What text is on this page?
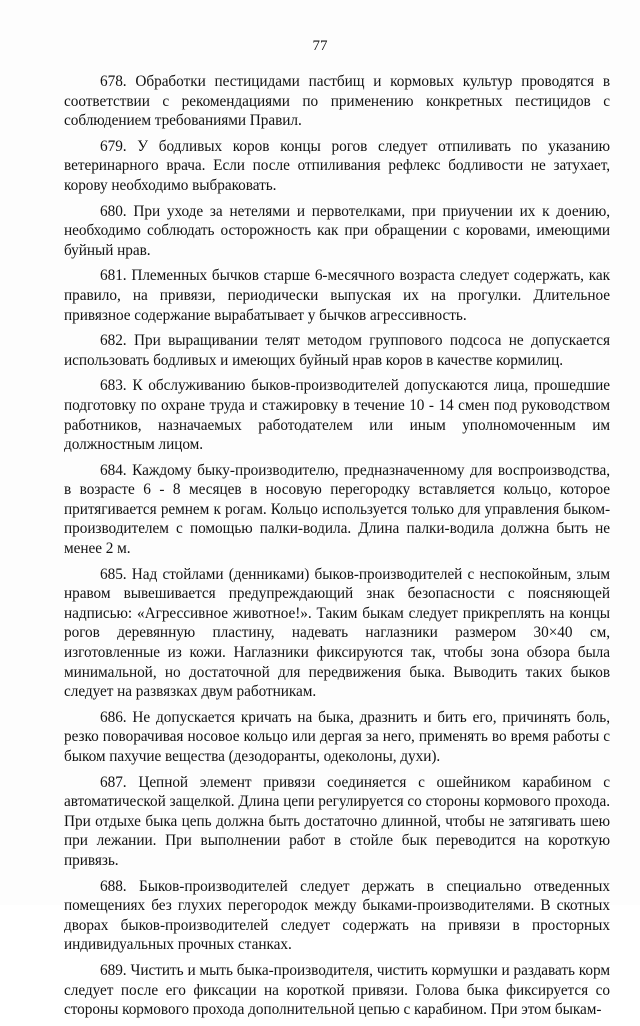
77

678. Обработки пестицидами пастбищ и кормовых культур проводятся в соответствии с рекомендациями по применению конкретных пестицидов с соблюдением требованиями Правил.

679. У бодливых коров концы рогов следует отпиливать по указанию ветеринарного врача. Если после отпиливания рефлекс бодливости не затухает, корову необходимо выбраковать.

680. При уходе за нетелями и первотелками, при приучении их к доению, необходимо соблюдать осторожность как при обращении с коровами, имеющими буйный нрав.

681. Племенных бычков старше 6-месячного возраста следует содержать, как правило, на привязи, периодически выпуская их на прогулки. Длительное привязное содержание вырабатывает у бычков агрессивность.

682. При выращивании телят методом группового подсоса не допускается использовать бодливых и имеющих буйный нрав коров в качестве кормилиц.

683. К обслуживанию быков-производителей допускаются лица, прошедшие подготовку по охране труда и стажировку в течение 10 - 14 смен под руководством работников, назначаемых работодателем или иным уполномоченным им должностным лицом.

684. Каждому быку-производителю, предназначенному для воспроизводства, в возрасте 6 - 8 месяцев в носовую перегородку вставляется кольцо, которое притягивается ремнем к рогам. Кольцо используется только для управления быком-производителем с помощью палки-водила. Длина палки-водила должна быть не менее 2 м.

685. Над стойлами (денниками) быков-производителей с неспокойным, злым нравом вывешивается предупреждающий знак безопасности с поясняющей надписью: «Агрессивное животное!». Таким быкам следует прикреплять на концы рогов деревянную пластину, надевать наглазники размером 30×40 см, изготовленные из кожи. Наглазники фиксируются так, чтобы зона обзора была минимальной, но достаточной для передвижения быка. Выводить таких быков следует на развязках двум работникам.

686. Не допускается кричать на быка, дразнить и бить его, причинять боль, резко поворачивая носовое кольцо или дергая за него, применять во время работы с быком пахучие вещества (дезодоранты, одеколоны, духи).

687. Цепной элемент привязи соединяется с ошейником карабином с автоматической защелкой. Длина цепи регулируется со стороны кормового прохода. При отдыхе быка цепь должна быть достаточно длинной, чтобы не затягивать шею при лежании. При выполнении работ в стойле бык переводится на короткую привязь.

688. Быков-производителей следует держать в специально отведенных помещениях без глухих перегородок между быками-производителями. В скотных дворах быков-производителей следует содержать на привязи в просторных индивидуальных прочных станках.

689. Чистить и мыть быка-производителя, чистить кормушки и раздавать корм следует после его фиксации на короткой привязи. Голова быка фиксируется со стороны кормового прохода дополнительной цепью с карабином. При этом быкам-
